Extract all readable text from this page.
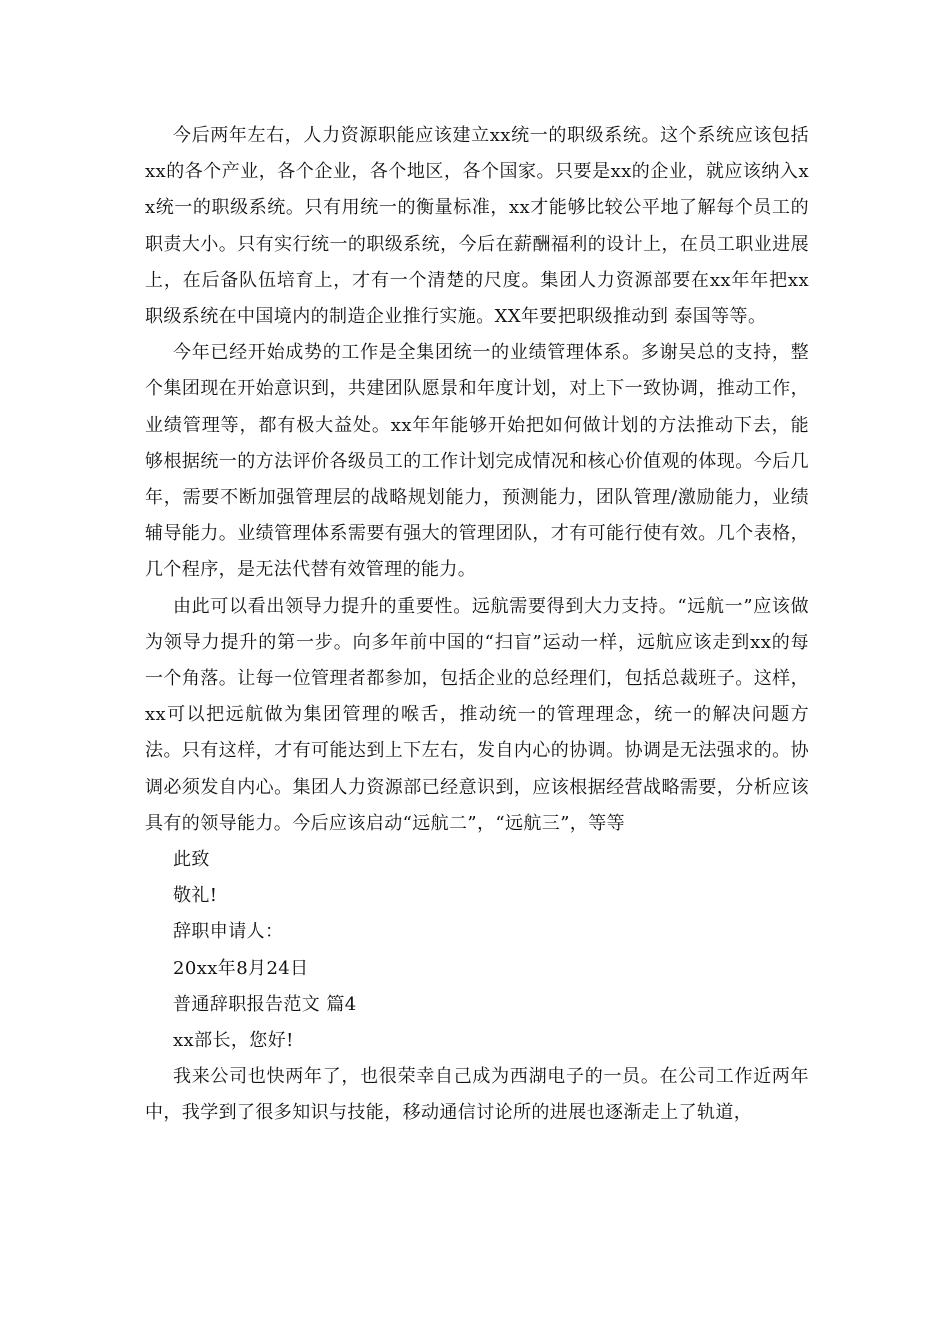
今后两年左右，人力资源职能应该建立xx统一的职级系统。这个系统应该包括xx的各个产业，各个企业，各个地区，各个国家。只要是xx的企业，就应该纳入xx统一的职级系统。只有用统一的衡量标准，xx才能够比较公平地了解每个员工的职责大小。只有实行统一的职级系统，今后在薪酬福利的设计上，在员工职业进展上，在后备队伍培育上，才有一个清楚的尺度。集团人力资源部要在xx年年把xx职级系统在中国境内的制造企业推行实施。XX年要把职级推动到 泰国等等。

今年已经开始成势的工作是全集团统一的业绩管理体系。多谢吴总的支持，整个集团现在开始意识到，共建团队愿景和年度计划，对上下一致协调，推动工作，业绩管理等，都有极大益处。xx年年能够开始把如何做计划的方法推动下去，能够根据统一的方法评价各级员工的工作计划完成情况和核心价值观的体现。今后几年，需要不断加强管理层的战略规划能力，预测能力，团队管理/激励能力，业绩辅导能力。业绩管理体系需要有强大的管理团队，才有可能行使有效。几个表格，几个程序，是无法代替有效管理的能力。

由此可以看出领导力提升的重要性。远航需要得到大力支持。“远航一”应该做为领导力提升的第一步。向多年前中国的“扫盲”运动一样，远航应该走到xx的每一个角落。让每一位管理者都参加，包括企业的总经理们，包括总裁班子。这样，xx可以把远航做为集团管理的喉舌，推动统一的管理理念，统一的解决问题方法。只有这样，才有可能达到上下左右，发自内心的协调。协调是无法强求的。协调必须发自内心。集团人力资源部已经意识到，应该根据经营战略需要，分析应该具有的领导能力。今后应该启动“远航二”，“远航三”，等等

此致

敬礼!

辞职申请人：

20xx年8月24日

普通辞职报告范文 篇4

xx部长，您好!

我来公司也快两年了，也很荣幸自己成为西湖电子的一员。在公司工作近两年中，我学到了很多知识与技能，移动通信讨论所的进展也逐渐走上了轨道，
